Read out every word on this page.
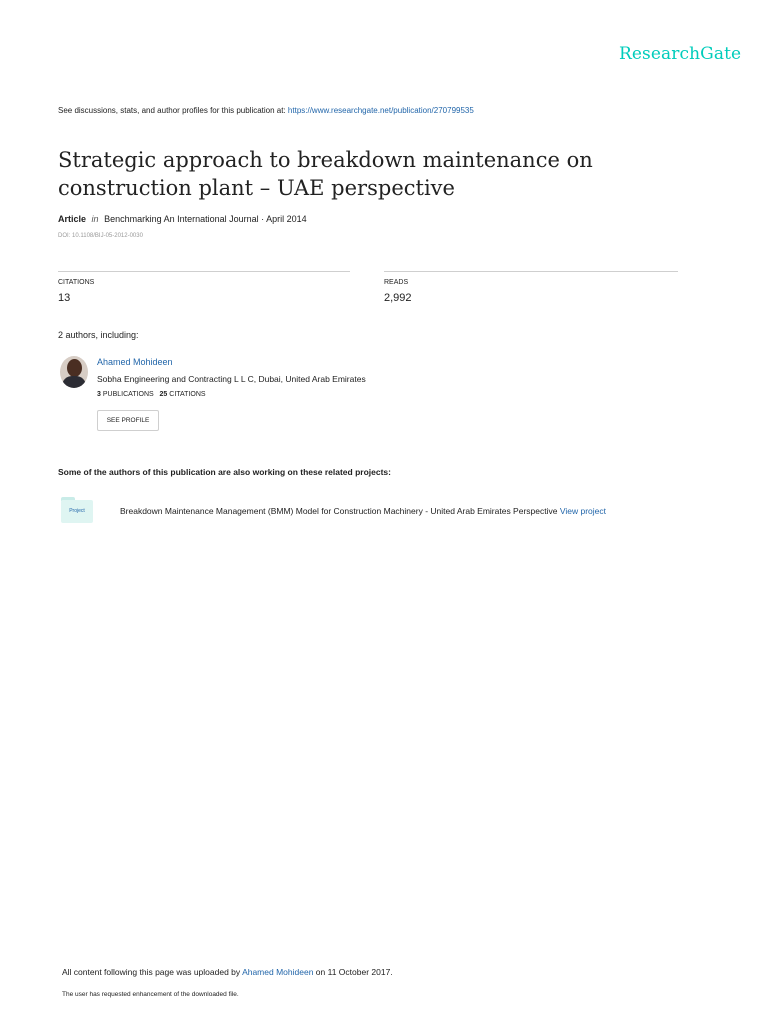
ResearchGate
See discussions, stats, and author profiles for this publication at: https://www.researchgate.net/publication/270799535
Strategic approach to breakdown maintenance on construction plant – UAE perspective
Article in Benchmarking An International Journal · April 2014
DOI: 10.1108/BIJ-05-2012-0030
CITATIONS
13
READS
2,992
2 authors, including:
Ahamed Mohideen
Sobha Engineering and Contracting L L C, Dubai, United Arab Emirates
3 PUBLICATIONS 25 CITATIONS
SEE PROFILE
Some of the authors of this publication are also working on these related projects:
Project	Breakdown Maintenance Management (BMM) Model for Construction Machinery - United Arab Emirates Perspective View project
All content following this page was uploaded by Ahamed Mohideen on 11 October 2017.
The user has requested enhancement of the downloaded file.
